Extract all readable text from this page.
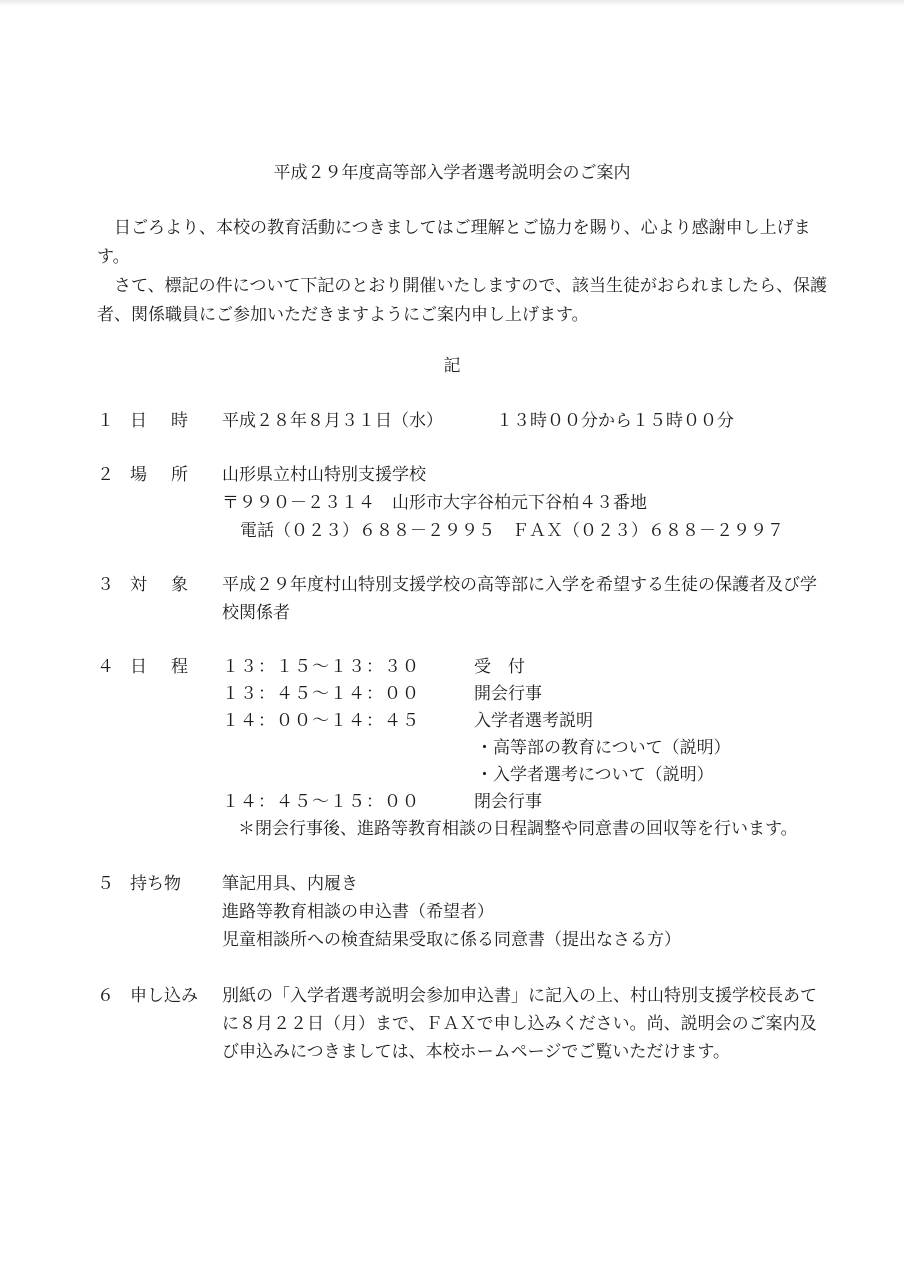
平成２９年度高等部入学者選考説明会のご案内
日ごろより、本校の教育活動につきましてはご理解とご協力を賜り、心より感謝申し上げます。
さて、標記の件について下記のとおり開催いたしますので、該当生徒がおられましたら、保護者、関係職員にご参加いただきますようにご案内申し上げます。
記
１ 日 時 平成２８年８月３１日（水）	１３時００分から１５時００分
２ 場 所 山形県立村山特別支援学校
〒９９０－２３１４　山形市大字谷柏元下谷柏４３番地
電話（０２３）６８８－２９９５　ＦＡＸ（０２３）６８８－２９９７
３ 対 象 平成２９年度村山特別支援学校の高等部に入学を希望する生徒の保護者及び学校関係者
４ 日 程 １３：１５～１３：３０	受　付
１３：４５～１４：００	開会行事
１４：００～１４：４５	入学者選考説明
・高等部の教育について（説明）
・入学者選考について（説明）
１４：４５～１５：００	閉会行事
＊閉会行事後、進路等教育相談の日程調整や同意書の回収等を行います。
５ 持ち物	筆記用具、内履き
進路等教育相談の申込書（希望者）
児童相談所への検査結果受取に係る同意書（提出なさる方）
６ 申し込み	別紙の「入学者選考説明会参加申込書」に記入の上、村山特別支援学校長あてに８月２２日（月）まで、ＦＡＸで申し込みください。尚、説明会のご案内及び申込みにつきましては、本校ホームページでご覧いただけます。
